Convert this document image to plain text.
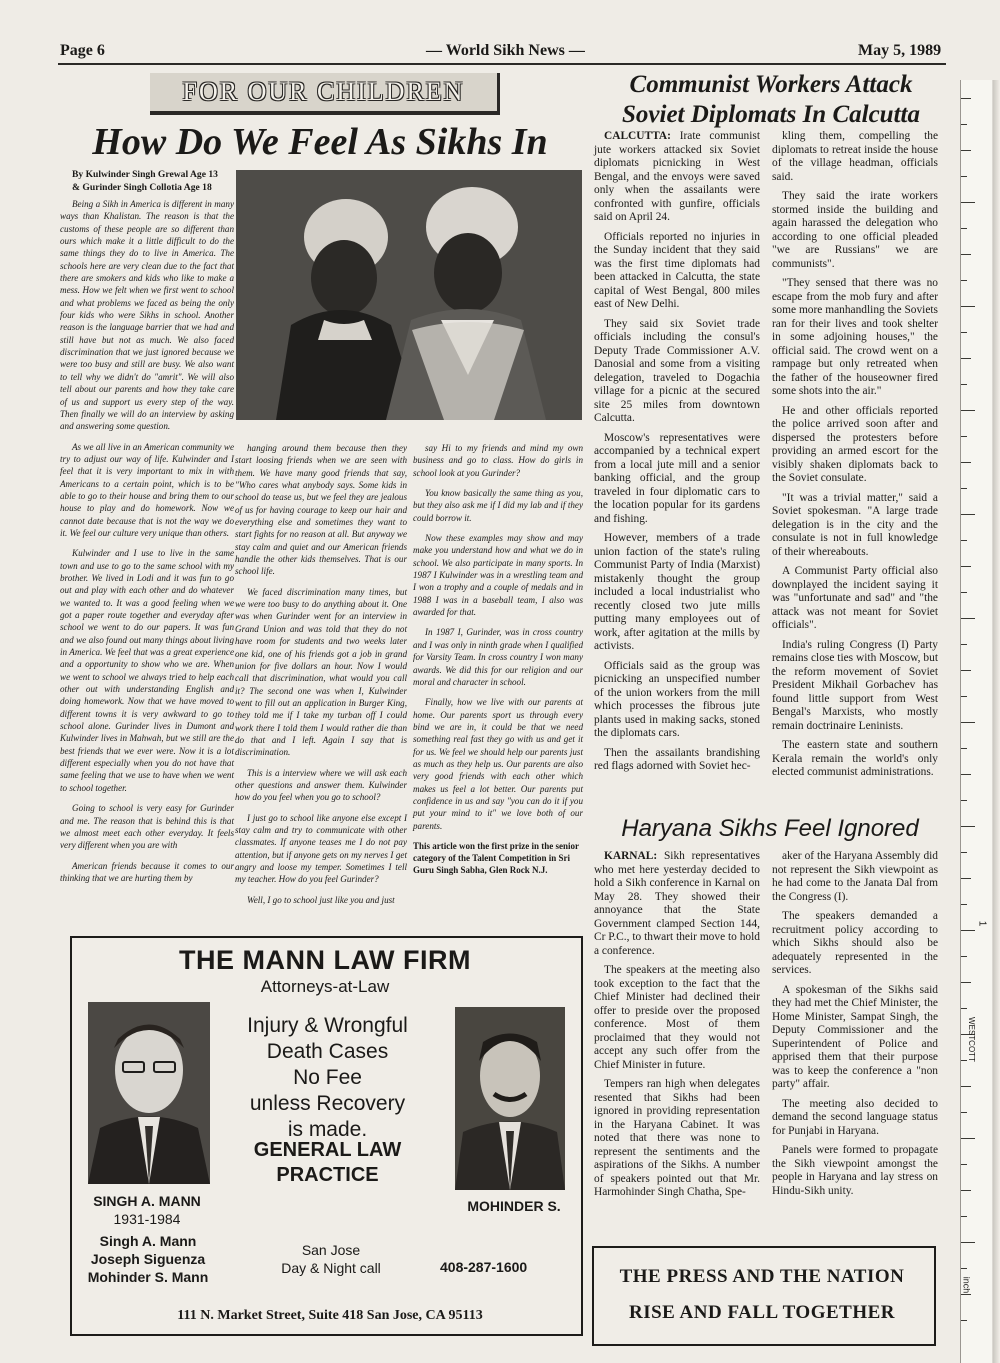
Page 6	— World Sikh News —	May 5, 1989
FOR OUR CHILDREN
How Do We Feel As Sikhs In
By Kulwinder Singh Grewal Age 13
& Gurinder Singh Collotia Age 18

Being a Sikh in America is different in many ways than Khalistan. The reason is that the customs of these people are so different than ours which make it a little difficult to do the same things they do to live in America. The schools here are very clean due to the fact that there are smokers and kids who like to make a mess. How we felt when we first went to school and what problems we faced as being the only four kids who were Sikhs in school. Another reason is the language barrier that we had and still have but not as much. We also faced discrimination that we just ignored because we were too busy and still are busy. We also want to tell why we didn't do "amrit". We will also tell about our parents and how they take care of us and support us every step of the way. Then finally we will do an interview by asking and answering some question.

As we all live in an American community we try to adjust our way of life. Kulwinder and I feel that it is very important to mix in with Americans to a certain point, which is to be able to go to their house and bring them to our house to play and do homework. Now we cannot date because that is not the way we do it. We feel our culture very unique than others.

Kulwinder and I use to live in the same town and use to go to the same school with my brother. We lived in Lodi and it was fun to go out and play with each other and do whatever we wanted to. It was a good feeling when we got a paper route together and everyday after school we went to do our papers. It was fun and we also found out many things about living in America. We feel that was a great experience and a opportunity to show who we are. When we went to school we always tried to help each other out with understanding English and doing homework. Now that we have moved to different towns it is very awkward to go to school alone. Gurinder lives in Dumont and Kulwinder lives in Mahwah, but we still are the best friends that we ever were. Now it is a lot different especially when you do not have that same feeling that we use to have when we went to school together.

Going to school is very easy for Gurinder and me. The reason that is behind this is that we almost meet each other everyday. It feels very different when you are with

American friends because it comes to our thinking that we are hurting them by

hanging around them because then they start loosing friends when we are seen with them. We have many good friends that say, "Who cares what anybody says. Some kids in school do tease us, but we feel they are jealous of us for having courage to keep our hair and everything else and sometimes they want to start fights for no reason at all. But anyway we stay calm and quiet and our American friends handle the other kids themselves. That is our school life.

We faced discrimination many times, but we were too busy to do anything about it. One was when Gurinder went for an interview in Grand Union and was told that they do not have room for students and two weeks later one kid, one of his friends got a job in grand union for five dollars an hour. Now I would call that discrimination, what would you call it? The second one was when I, Kulwinder went to fill out an application in Burger King, they told me if I take my turban off I could work there I told them I would rather die than do that and I left. Again I say that is discrimination.

This is a interview where we will ask each other questions and answer them. Kulwinder how do you feel when you go to school?

I just go to school like anyone else except I stay calm and try to communicate with other classmates. If anyone teases me I do not pay attention, but if anyone gets on my nerves I get angry and loose my temper. Sometimes I tell my teacher. How do you feel Gurinder?

Well, I go to school just like you and just

say Hi to my friends and mind my own business and go to class. How do girls in school look at you Gurinder?

You know basically the same thing as you, but they also ask me if I did my lab and if they could borrow it.

Now these examples may show and may make you understand how and what we do in school. We also participate in many sports. In 1987 I Kulwinder was in a wrestling team and I won a trophy and a couple of medals and in 1988 I was in a baseball team, I also was awarded for that.

In 1987 I, Gurinder, was in cross country and I was only in ninth grade when I qualified for Varsity Team. In cross country I won many awards. We did this for our religion and our moral and character in school.

Finally, how we live with our parents at home. Our parents sport us through every bind we are in, it could be that we need something real fast they go with us and get it for us. We feel we should help our parents just as much as they help us. Our parents are also very good friends with each other which makes us feel a lot better. Our parents put confidence in us and say "you can do it if you put your mind to it" we love both of our parents.

This article won the first prize in the senior category of the Talent Competition in Sri Guru Singh Sabha, Glen Rock N.J.
Communist Workers Attack Soviet Diplomats In Calcutta

CALCUTTA: Irate communist jute workers attacked six Soviet diplomats picnicking in West Bengal, and the envoys were saved only when the assailants were confronted with gunfire, officials said on April 24.

Officials reported no injuries in the Sunday incident that they said was the first time diplomats had been attacked in Calcutta, the state capital of West Bengal, 800 miles east of New Delhi.

They said six Soviet trade officials including the consul's Deputy Trade Commissioner A.V. Danosial and some from a visiting delegation, traveled to Dogachia village for a picnic at the secured site 25 miles from downtown Calcutta.

Moscow's representatives were accompanied by a technical expert from a local jute mill and a senior banking official, and the group traveled in four diplomatic cars to the location popular for its gardens and fishing.

However, members of a trade union faction of the state's ruling Communist Party of India (Marxist) mistakenly thought the group included a local industrialist who recently closed two jute mills putting many employees out of work, after agitation at the mills by activists.

Officials said as the group was picnicking an unspecified number of the union workers from the mill which processes the fibrous jute plants used in making sacks, stoned the diplomats cars.

Then the assailants brandishing red flags adorned with Soviet hec-

kling them, compelling the diplomats to retreat inside the house of the village headman, officials said.

They said the irate workers stormed inside the building and again harassed the delegation who according to one official pleaded "we are Russians" we are communists".

"They sensed that there was no escape from the mob fury and after some more manhandling the Soviets ran for their lives and took shelter in some adjoining houses," the official said. The crowd went on a rampage but only retreated when the father of the houseowner fired some shots into the air."

He and other officials reported the police arrived soon after and dispersed the protesters before providing an armed escort for the visibly shaken diplomats back to the Soviet consulate.

"It was a trivial matter," said a Soviet spokesman. "A large trade delegation is in the city and the consulate is not in full knowledge of their whereabouts.

A Communist Party official also downplayed the incident saying it was "unfortunate and sad" and "the attack was not meant for Soviet officials".

India's ruling Congress (I) Party remains close ties with Moscow, but the reform movement of Soviet President Mikhail Gorbachev has found little support from West Bengal's Marxists, who mostly remain doctrinaire Leninists.

The eastern state and southern Kerala remain the world's only elected communist administrations.

Haryana Sikhs Feel Ignored

KARNAL: Sikh representatives who met here yesterday decided to hold a Sikh conference in Karnal on May 28. They showed their annoyance that the State Government clamped Section 144, Cr P.C., to thwart their move to hold a conference.

The speakers at the meeting also took exception to the fact that the Chief Minister had declined their offer to preside over the proposed conference. Most of them proclaimed that they would not accept any such offer from the Chief Minister in future.

Tempers ran high when delegates resented that Sikhs had been ignored in providing representation in the Haryana Cabinet. It was noted that there was none to represent the sentiments and the aspirations of the Sikhs. A number of speakers pointed out that Mr. Harmohinder Singh Chatha, Spe-

aker of the Haryana Assembly did not represent the Sikh viewpoint as he had come to the Janata Dal from the Congress (I).

The speakers demanded a recruitment policy according to which Sikhs should also be adequately represented in the services.

A spokesman of the Sikhs said they had met the Chief Minister, the Home Minister, Sampat Singh, the Deputy Commissioner and the Superintendent of Police and apprised them that their purpose was to keep the conference a "non party" affair.

The meeting also decided to demand the second language status for Punjabi in Haryana.

Panels were formed to propagate the Sikh viewpoint amongst the people in Haryana and lay stress on Hindu-Sikh unity.

THE MANN LAW FIRM
Attorneys-at-Law
Injury & Wrongful
Death Cases
No Fee
unless Recovery
is made.
GENERAL LAW
PRACTICE
SINGH A. MANN
1931-1984
MOHINDER S.
Singh A. Mann
Joseph Siguenza
Mohinder S. Mann
San Jose
Day & Night call	408-287-1600
111 N. Market Street, Suite 418 San Jose, CA 95113
THE PRESS AND THE NATION
RISE AND FALL TOGETHER
1
WESTCOTT
inch
